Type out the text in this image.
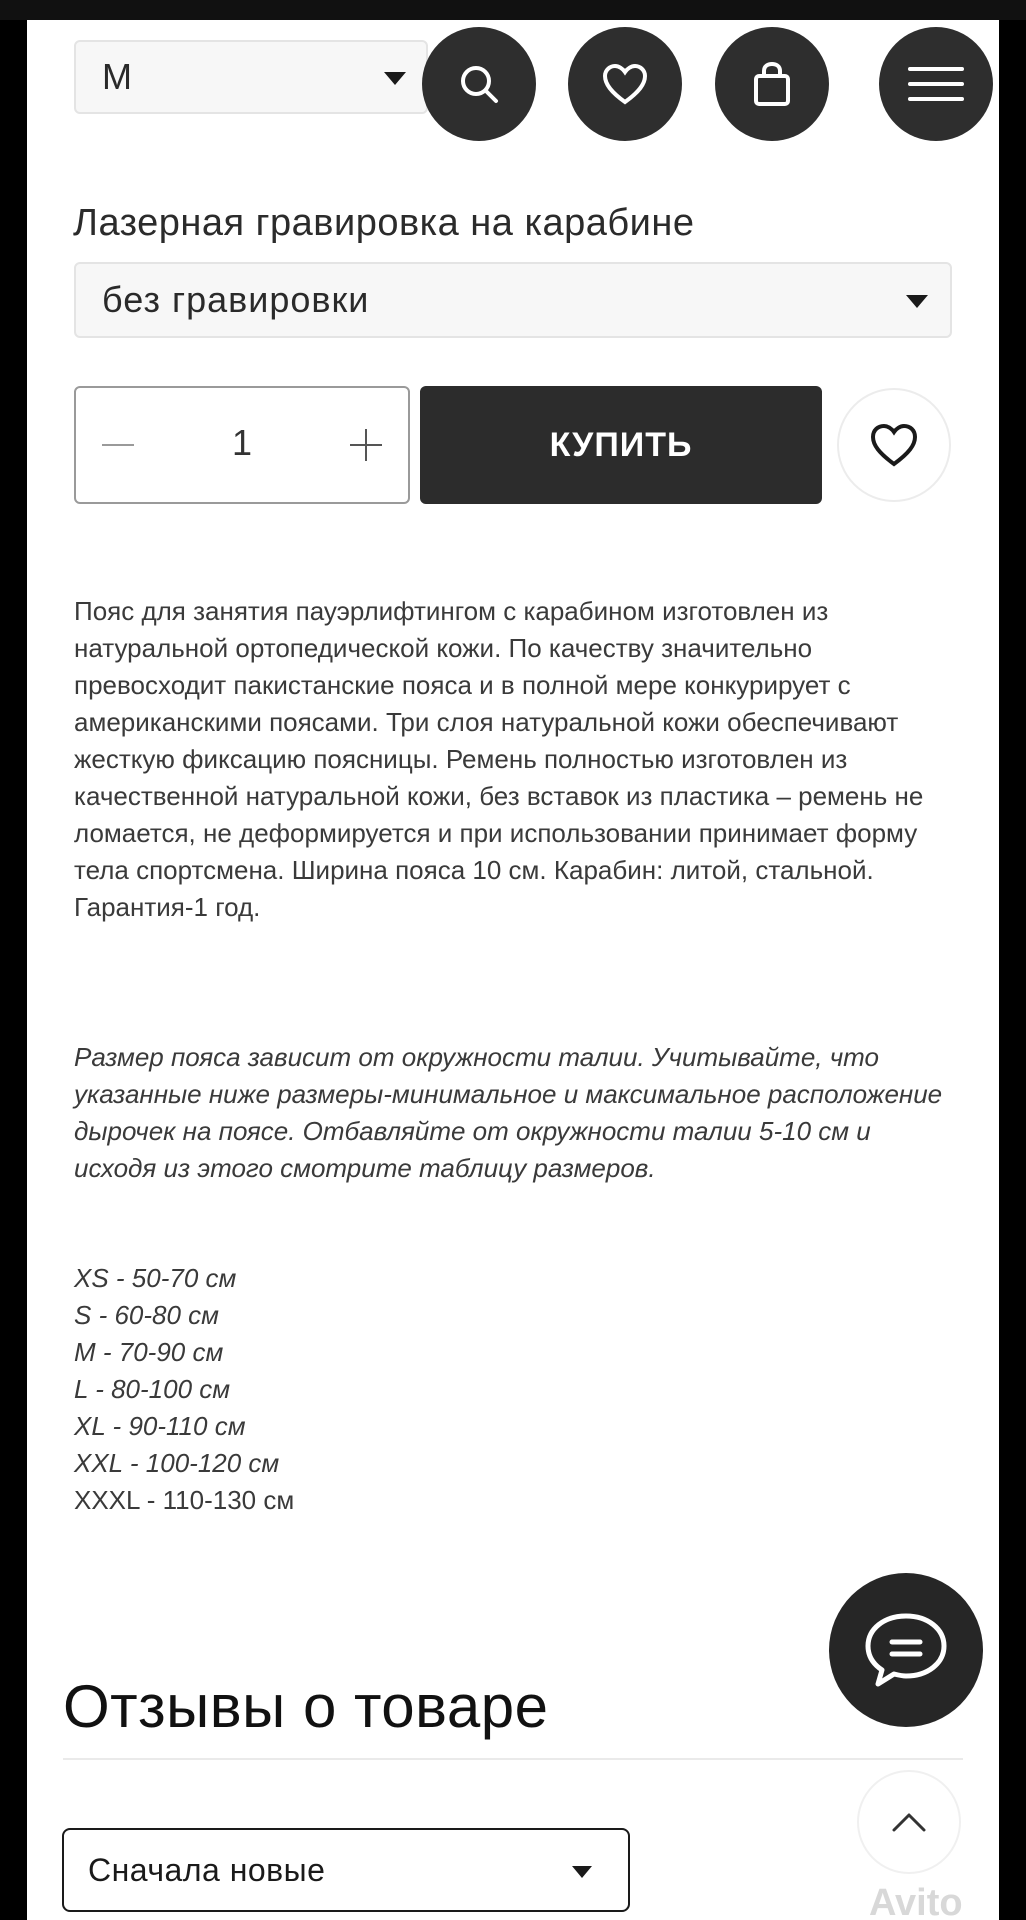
M
Лазерная гравировка на карабине
без гравировки
1	КУПИТЬ
Пояс для занятия пауэрлифтингом с карабином изготовлен из натуральной ортопедической кожи. По качеству значительно превосходит пакистанские пояса и в полной мере конкурирует с американскими поясами. Три слоя натуральной кожи обеспечивают жесткую фиксацию поясницы. Ремень полностью изготовлен из качественной натуральной кожи, без вставок из пластика – ремень не ломается, не деформируется и при использовании принимает форму тела спортсмена. Ширина пояса 10 см. Карабин: литой, стальной. Гарантия-1 год.
Размер пояса зависит от окружности талии. Учитывайте, что указанные ниже размеры-минимальное и максимальное расположение дырочек на поясе. Отбавляйте от окружности талии 5-10 см и исходя из этого смотрите таблицу размеров.
XS - 50-70 см
S - 60-80 см
M - 70-90 см
L - 80-100 см
XL - 90-110 см
XXL - 100-120 см
XXXL - 110-130 см
Отзывы о товаре
Сначала новые
Avito
